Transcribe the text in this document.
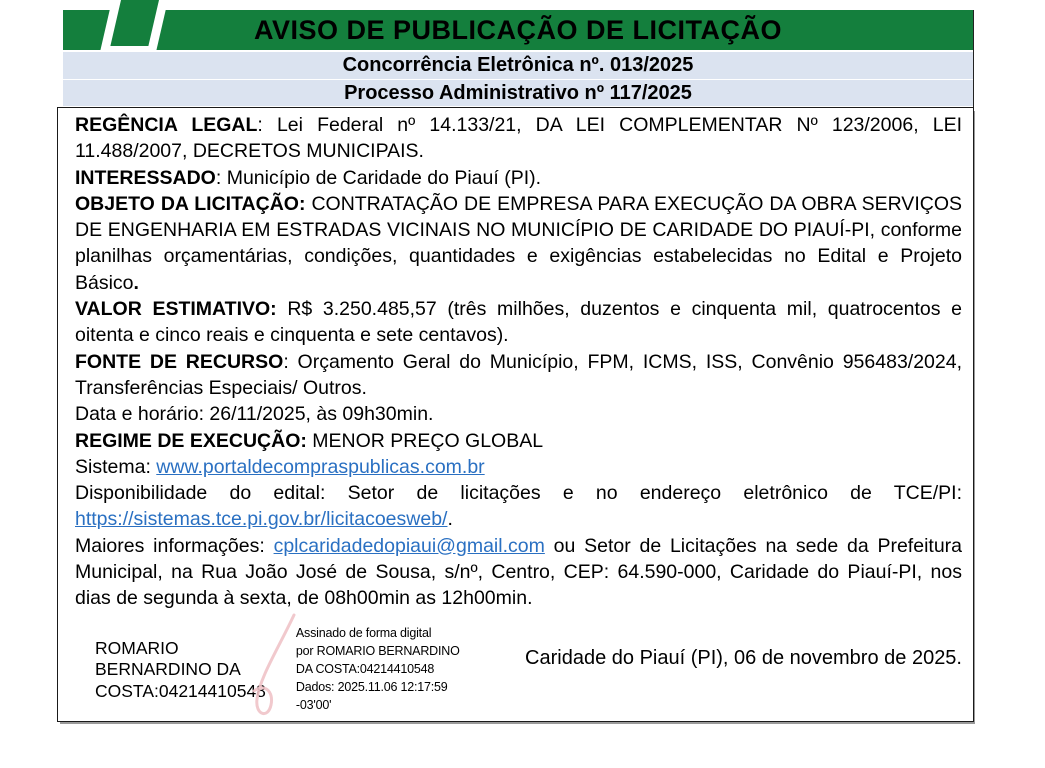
AVISO DE PUBLICAÇÃO DE LICITAÇÃO
Concorrência Eletrônica nº. 013/2025
Processo Administrativo nº 117/2025

REGÊNCIA LEGAL: Lei Federal nº 14.133/21, DA LEI COMPLEMENTAR Nº 123/2006, LEI 11.488/2007, DECRETOS MUNICIPAIS.

INTERESSADO: Município de Caridade do Piauí (PI).

OBJETO DA LICITAÇÃO: CONTRATAÇÃO DE EMPRESA PARA EXECUÇÃO DA OBRA SERVIÇOS DE ENGENHARIA EM ESTRADAS VICINAIS NO MUNICÍPIO DE CARIDADE DO PIAUÍ-PI, conforme planilhas orçamentárias, condições, quantidades e exigências estabelecidas no Edital e Projeto Básico.

VALOR ESTIMATIVO: R$ 3.250.485,57 (três milhões, duzentos e cinquenta mil, quatrocentos e oitenta e cinco reais e cinquenta e sete centavos).

FONTE DE RECURSO: Orçamento Geral do Município, FPM, ICMS, ISS, Convênio 956483/2024, Transferências Especiais/ Outros.

Data e horário: 26/11/2025, às 09h30min.

REGIME DE EXECUÇÃO: MENOR PREÇO GLOBAL

Sistema: www.portaldecompraspublicas.com.br

Disponibilidade do edital: Setor de licitações e no endereço eletrônico de TCE/PI: https://sistemas.tce.pi.gov.br/licitacoesweb/.

Maiores informações: cplcaridadedopiaui@gmail.com ou Setor de Licitações na sede da Prefeitura Municipal, na Rua João José de Sousa, s/nº, Centro, CEP: 64.590-000, Caridade do Piauí-PI, nos dias de segunda à sexta, de 08h00min as 12h00min.

ROMARIO
BERNARDINO DA
COSTA:04214410548
Assinado de forma digital
por ROMARIO BERNARDINO
DA COSTA:04214410548
Dados: 2025.11.06 12:17:59
-03'00'
Caridade do Piauí (PI), 06 de novembro de 2025.
